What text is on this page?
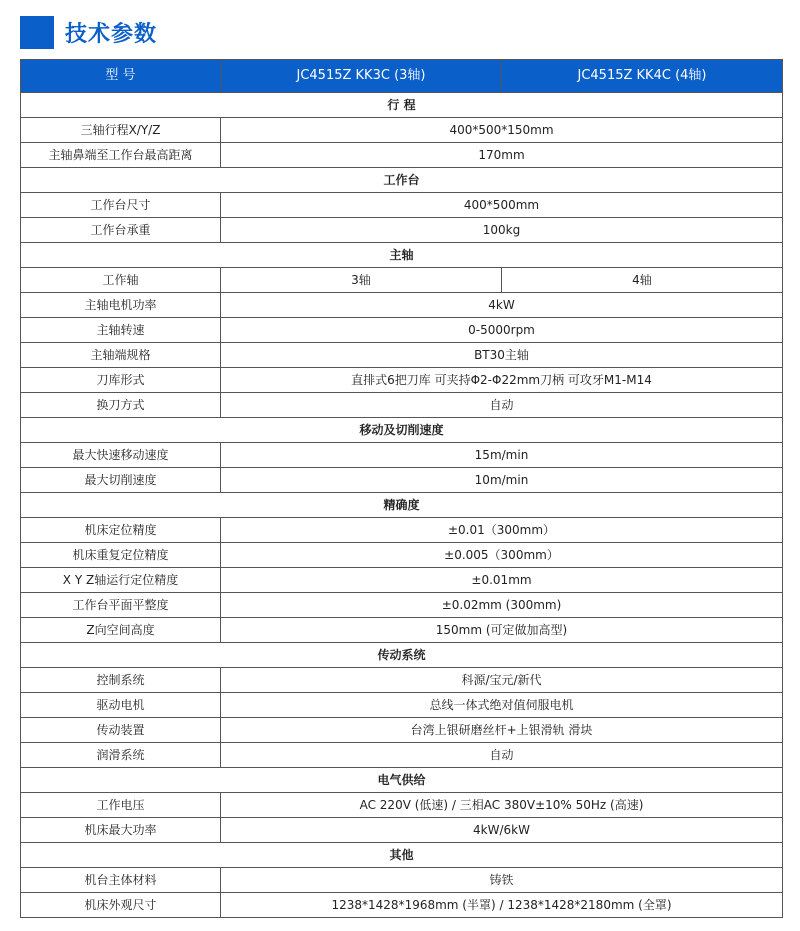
技术参数
型 号	JC4515Z KK3C (3轴)	JC4515Z KK4C (4轴)
行 程		
三轴行程X/Y/Z	400*500*150mm	
主轴鼻端至工作台最高距离	170mm	
工作台		
工作台尺寸	400*500mm	
工作台承重	100kg	
主轴		
工作轴	3轴	4轴
主轴电机功率	4kW	
主轴转速	0-5000rpm	
主轴端规格	BT30主轴	
刀库形式	直排式6把刀库 可夹持Φ2-Φ22mm刀柄 可攻牙M1-M14	
换刀方式	自动	
移动及切削速度		
最大快速移动速度	15m/min	
最大切削速度	10m/min	
精确度		
机床定位精度	±0.01（300mm）	
机床重复定位精度	±0.005（300mm）	
X Y Z轴运行定位精度	±0.01mm	
工作台平面平整度	±0.02mm (300mm)	
Z向空间高度	150mm (可定做加高型)	
传动系统		
控制系统	科源/宝元/新代	
驱动电机	总线一体式绝对值伺服电机	
传动装置	台湾上银研磨丝杆+上银滑轨 滑块	
润滑系统	自动	
电气供给		
工作电压	AC 220V (低速) / 三相AC 380V±10% 50Hz (高速)	
机床最大功率	4kW/6kW	
其他		
机台主体材料	铸铁	
机床外观尺寸	1238*1428*1968mm (半罩) / 1238*1428*2180mm (全罩)	
